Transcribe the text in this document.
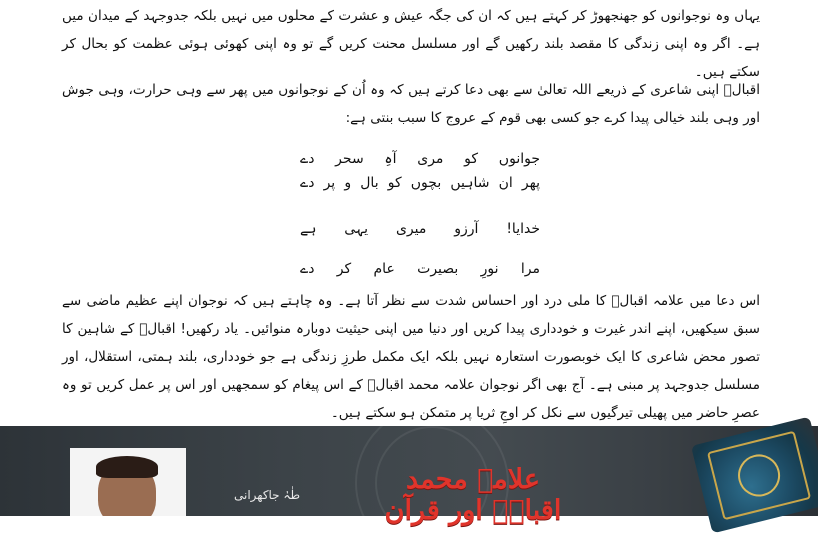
یہاں وہ نوجوانوں کو جھنجھوڑ کر کہتے ہیں کہ ان کی جگہ عیش و عشرت کے محلوں میں نہیں بلکہ جدوجہد کے میدان میں ہے۔ اگر وہ اپنی زندگی کا مقصد بلند رکھیں گے اور مسلسل محنت کریں گے تو وہ اپنی کھوئی ہوئی عظمت کو بحال کر سکتے ہیں۔

اقبالؒ اپنی شاعری کے ذریعے اللہ تعالیٰ سے بھی دعا کرتے ہیں کہ وہ اُن کے نوجوانوں میں پھر سے وہی حرارت، وہی جوش اور وہی بلند خیالی پیدا کرے جو کسی بھی قوم کے عروج کا سبب بنتی ہے:

جوانوں کو مری آہِ سحر دے

پھر ان شاہیں بچوں کو بال و پر دے

خدایا! آرزو میری یہی ہے

مرا نورِ بصیرت عام کر دے

اس دعا میں علامہ اقبالؒ کا ملی درد اور احساس شدت سے نظر آتا ہے۔ وہ چاہتے ہیں کہ نوجوان اپنے عظیم ماضی سے سبق سیکھیں، اپنے اندر غیرت و خودداری پیدا کریں اور دنیا میں اپنی حیثیت دوبارہ منوائیں۔ یاد رکھیں! اقبالؒ کے شاہین کا تصور محض شاعری کا ایک خوبصورت استعارہ نہیں بلکہ ایک مکمل طرزِ زندگی ہے جو خودداری، بلند ہمتی، استقلال، اور مسلسل جدوجہد پر مبنی ہے۔ آج بھی اگر نوجوان علامہ محمد اقبالؒ کے اس پیغام کو سمجھیں اور اس پر عمل کریں تو وہ عصرِ حاضر میں پھیلی تیرگیوں سے نکل کر اوجِ ثریا پر متمکن ہو سکتے ہیں۔

طٰہٰ جاکھرانی	علامہ محمد اقبالؒ اور قرآن
